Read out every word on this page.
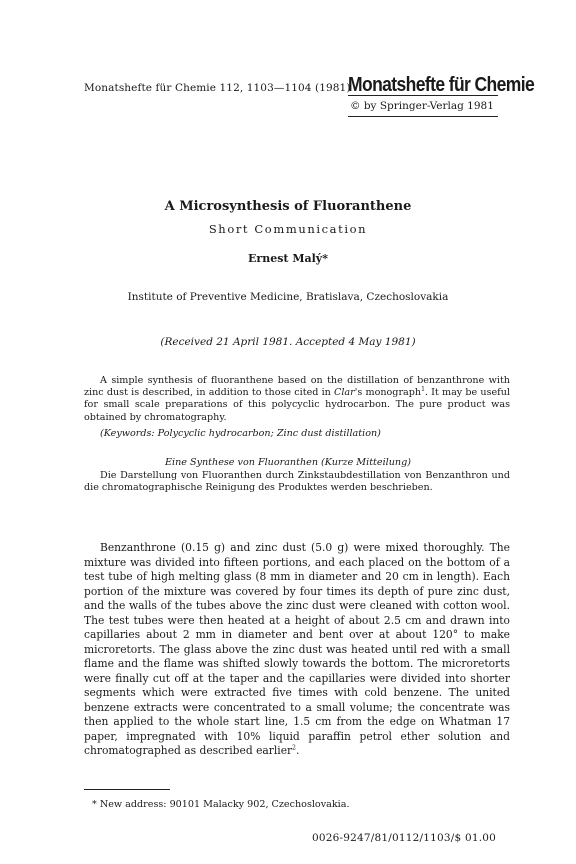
Monatshefte für Chemie 112, 1103—1104 (1981)
Monatshefte für Chemie
© by Springer-Verlag 1981
A Microsynthesis of Fluoranthene
Short Communication
Ernest Malý*
Institute of Preventive Medicine, Bratislava, Czechoslovakia
(Received 21 April 1981. Accepted 4 May 1981)
A simple synthesis of fluoranthene based on the distillation of benzanthrone with zinc dust is described, in addition to those cited in Clar's monograph$^1$. It may be useful for small scale preparations of this polycyclic hydrocarbon. The pure product was obtained by chromatography.
(Keywords: Polycyclic hydrocarbon; Zinc dust distillation)
Eine Synthese von Fluoranthen (Kurze Mitteilung)
Die Darstellung von Fluoranthen durch Zinkstaubdestillation von Benzanthron und die chromatographische Reinigung des Produktes werden beschrieben.
Benzanthrone (0.15 g) and zinc dust (5.0 g) were mixed thoroughly. The mixture was divided into fifteen portions, and each placed on the bottom of a test tube of high melting glass (8 mm in diameter and 20 cm in length). Each portion of the mixture was covered by four times its depth of pure zinc dust, and the walls of the tubes above the zinc dust were cleaned with cotton wool. The test tubes were then heated at a height of about 2.5 cm and drawn into capillaries about 2 mm in diameter and bent over at about 120° to make microretorts. The glass above the zinc dust was heated until red with a small flame and the flame was shifted slowly towards the bottom. The microretorts were finally cut off at the taper and the capillaries were divided into shorter segments which were extracted five times with cold benzene. The united benzene extracts were concentrated to a small volume; the concentrate was then applied to the whole start line, 1.5 cm from the edge on Whatman 17 paper, impregnated with 10% liquid paraffin petrol ether solution and chromatographed as described earlier$^2$.
* New address: 90101 Malacky 902, Czechoslovakia.
0026-9247/81/0112/1103/$ 01.00
